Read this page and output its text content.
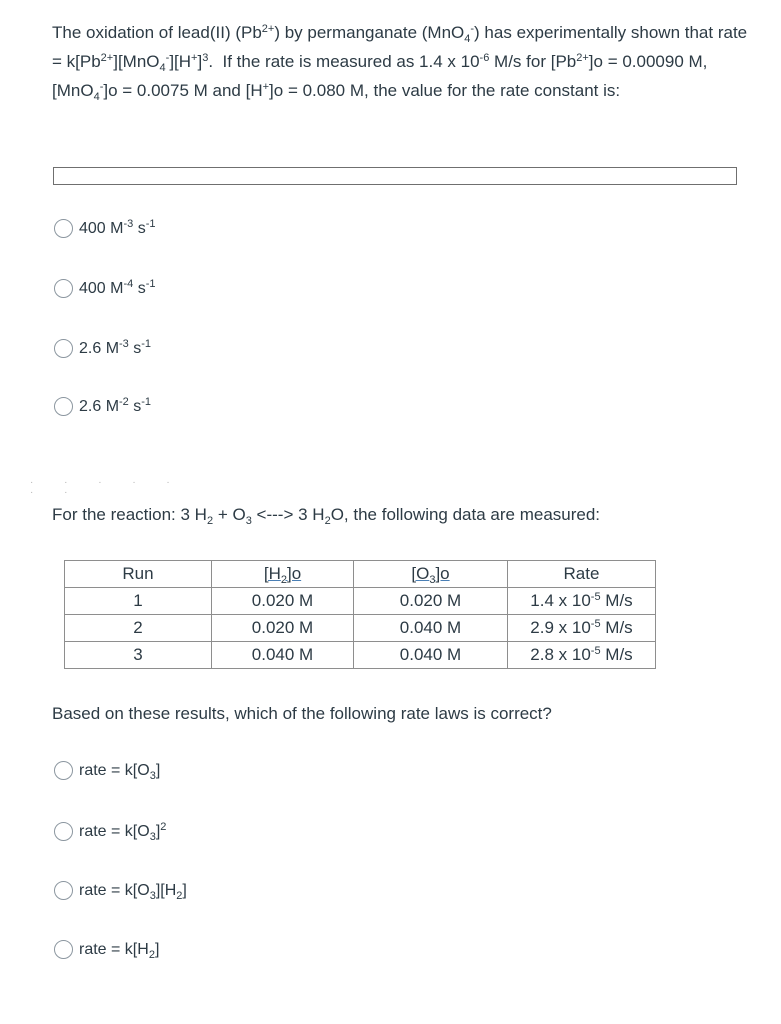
The oxidation of lead(II) $(Pb^{2+})$ by permanganate (MnO$_4$-) has experimentally shown that rate = $k[Pb^{2+}][MnO_4^-][H^+]^3$.  If the rate is measured as 1.4 x $10^{-6}$ M/s for $[Pb^{2+}]o = 0.00090$ M, [MnO$_4$-]o = 0.0075 M and [H+]o = 0.080 M, the value for the rate constant is:
400 $M^{-3}$ $s^{-1}$
400 $M^{-4}$ $s^{-1}$
2.6 $M^{-3}$ $s^{-1}$
2.6 $M^{-2}$ $s^{-1}$
· · · · · · ·
For the reaction: 3 $H_2 + O_3$ <---> 3 $H_2O$, the following data are measured:
Run	$[H_2]o$	$[O_3]o$	Rate
1	0.020 M	0.020 M	1.4 x $10^{-5}$ M/s
2	0.020 M	0.040 M	2.9 x $10^{-5}$ M/s
3	0.040 M	0.040 M	2.8 x $10^{-5}$ M/s
Based on these results, which of the following rate laws is correct?
rate = $k[O_3]$
rate = $k[O_3]^2$
rate = $k[O_3][H_2]$
rate = $k[H_2]$
